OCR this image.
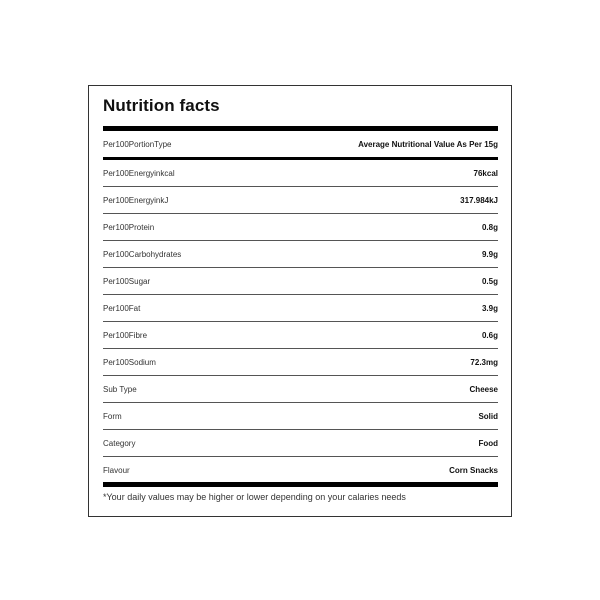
Nutrition facts
Per100PortionType	Average Nutritional Value As Per 15g
Per100Energyinkcal	76kcal
Per100EnergyinkJ	317.984kJ
Per100Protein	0.8g
Per100Carbohydrates	9.9g
Per100Sugar	0.5g
Per100Fat	3.9g
Per100Fibre	0.6g
Per100Sodium	72.3mg
Sub Type	Cheese
Form	Solid
Category	Food
Flavour	Corn Snacks
*Your daily values may be higher or lower depending on your calaries needs
